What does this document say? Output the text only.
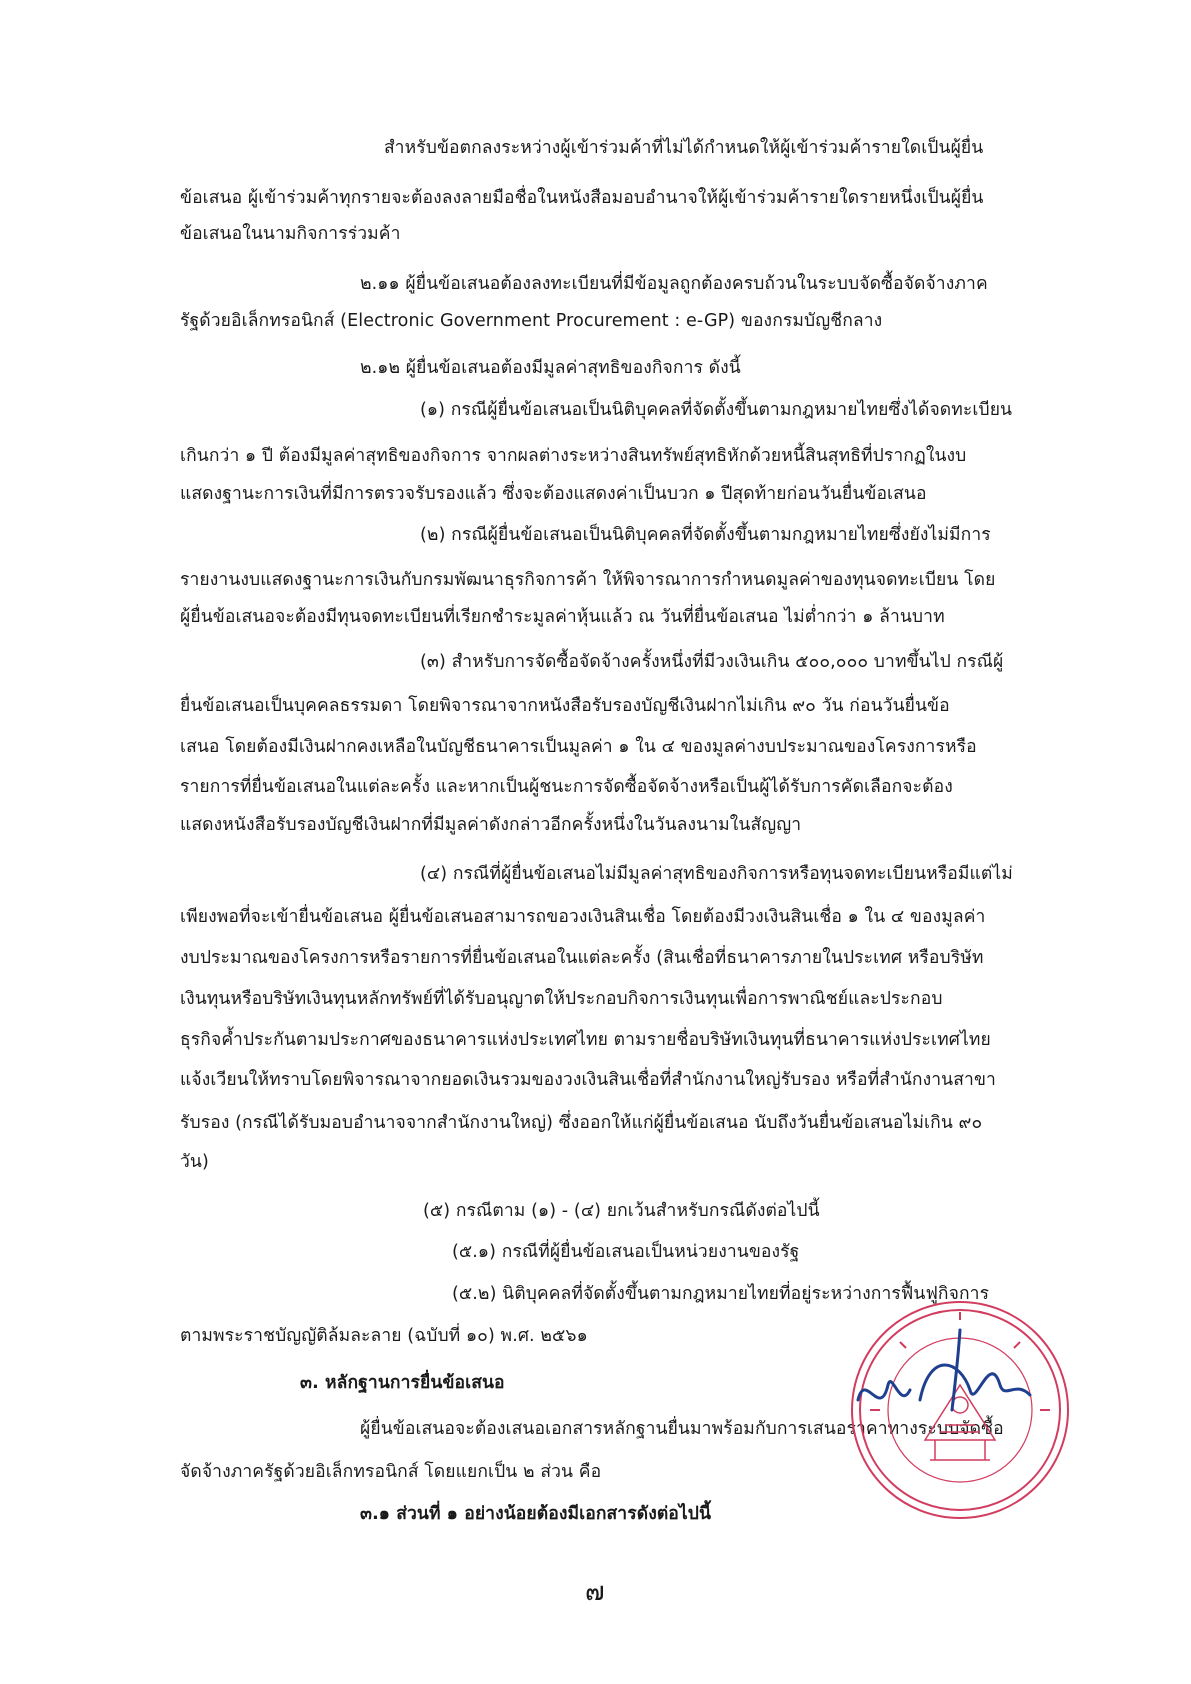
สำหรับข้อตกลงระหว่างผู้เข้าร่วมค้าที่ไม่ได้กำหนดให้ผู้เข้าร่วมค้ารายใดเป็นผู้ยื่น
ข้อเสนอ ผู้เข้าร่วมค้าทุกรายจะต้องลงลายมือชื่อในหนังสือมอบอำนาจให้ผู้เข้าร่วมค้ารายใดรายหนึ่งเป็นผู้ยื่น
ข้อเสนอในนามกิจการร่วมค้า
๒.๑๑ ผู้ยื่นข้อเสนอต้องลงทะเบียนที่มีข้อมูลถูกต้องครบถ้วนในระบบจัดซื้อจัดจ้างภาค
รัฐด้วยอิเล็กทรอนิกส์ (Electronic Government Procurement : e-GP) ของกรมบัญชีกลาง
๒.๑๒ ผู้ยื่นข้อเสนอต้องมีมูลค่าสุทธิของกิจการ ดังนี้
(๑) กรณีผู้ยื่นข้อเสนอเป็นนิติบุคคลที่จัดตั้งขึ้นตามกฎหมายไทยซึ่งได้จดทะเบียน
เกินกว่า ๑ ปี ต้องมีมูลค่าสุทธิของกิจการ จากผลต่างระหว่างสินทรัพย์สุทธิหักด้วยหนี้สินสุทธิที่ปรากฏในงบ
แสดงฐานะการเงินที่มีการตรวจรับรองแล้ว ซึ่งจะต้องแสดงค่าเป็นบวก ๑ ปีสุดท้ายก่อนวันยื่นข้อเสนอ
(๒) กรณีผู้ยื่นข้อเสนอเป็นนิติบุคคลที่จัดตั้งขึ้นตามกฎหมายไทยซึ่งยังไม่มีการ
รายงานงบแสดงฐานะการเงินกับกรมพัฒนาธุรกิจการค้า ให้พิจารณาการกำหนดมูลค่าของทุนจดทะเบียน โดย
ผู้ยื่นข้อเสนอจะต้องมีทุนจดทะเบียนที่เรียกชำระมูลค่าหุ้นแล้ว ณ วันที่ยื่นข้อเสนอ ไม่ต่ำกว่า ๑ ล้านบาท
(๓) สำหรับการจัดซื้อจัดจ้างครั้งหนึ่งที่มีวงเงินเกิน ๕๐๐,๐๐๐ บาทขึ้นไป กรณีผู้
ยื่นข้อเสนอเป็นบุคคลธรรมดา โดยพิจารณาจากหนังสือรับรองบัญชีเงินฝากไม่เกิน ๙๐ วัน ก่อนวันยื่นข้อ
เสนอ โดยต้องมีเงินฝากคงเหลือในบัญชีธนาคารเป็นมูลค่า ๑ ใน ๔ ของมูลค่างบประมาณของโครงการหรือ
รายการที่ยื่นข้อเสนอในแต่ละครั้ง และหากเป็นผู้ชนะการจัดซื้อจัดจ้างหรือเป็นผู้ได้รับการคัดเลือกจะต้อง
แสดงหนังสือรับรองบัญชีเงินฝากที่มีมูลค่าดังกล่าวอีกครั้งหนึ่งในวันลงนามในสัญญา
(๔) กรณีที่ผู้ยื่นข้อเสนอไม่มีมูลค่าสุทธิของกิจการหรือทุนจดทะเบียนหรือมีแต่ไม่
เพียงพอที่จะเข้ายื่นข้อเสนอ ผู้ยื่นข้อเสนอสามารถขอวงเงินสินเชื่อ โดยต้องมีวงเงินสินเชื่อ ๑ ใน ๔ ของมูลค่า
งบประมาณของโครงการหรือรายการที่ยื่นข้อเสนอในแต่ละครั้ง (สินเชื่อที่ธนาคารภายในประเทศ หรือบริษัท
เงินทุนหรือบริษัทเงินทุนหลักทรัพย์ที่ได้รับอนุญาตให้ประกอบกิจการเงินทุนเพื่อการพาณิชย์และประกอบ
ธุรกิจค้ำประกันตามประกาศของธนาคารแห่งประเทศไทย ตามรายชื่อบริษัทเงินทุนที่ธนาคารแห่งประเทศไทย
แจ้งเวียนให้ทราบโดยพิจารณาจากยอดเงินรวมของวงเงินสินเชื่อที่สำนักงานใหญ่รับรอง หรือที่สำนักงานสาขา
รับรอง (กรณีได้รับมอบอำนาจจากสำนักงานใหญ่) ซึ่งออกให้แก่ผู้ยื่นข้อเสนอ นับถึงวันยื่นข้อเสนอไม่เกิน ๙๐
วัน)
(๕) กรณีตาม (๑) - (๔) ยกเว้นสำหรับกรณีดังต่อไปนี้
(๕.๑) กรณีที่ผู้ยื่นข้อเสนอเป็นหน่วยงานของรัฐ
(๕.๒) นิติบุคคลที่จัดตั้งขึ้นตามกฎหมายไทยที่อยู่ระหว่างการฟื้นฟูกิจการ
ตามพระราชบัญญัติล้มละลาย (ฉบับที่ ๑๐) พ.ศ. ๒๕๖๑
๓. หลักฐานการยื่นข้อเสนอ
ผู้ยื่นข้อเสนอจะต้องเสนอเอกสารหลักฐานยื่นมาพร้อมกับการเสนอราคาทางระบบจัดซื้อ
จัดจ้างภาครัฐด้วยอิเล็กทรอนิกส์ โดยแยกเป็น ๒ ส่วน คือ
๓.๑ ส่วนที่ ๑ อย่างน้อยต้องมีเอกสารดังต่อไปนี้
๗
